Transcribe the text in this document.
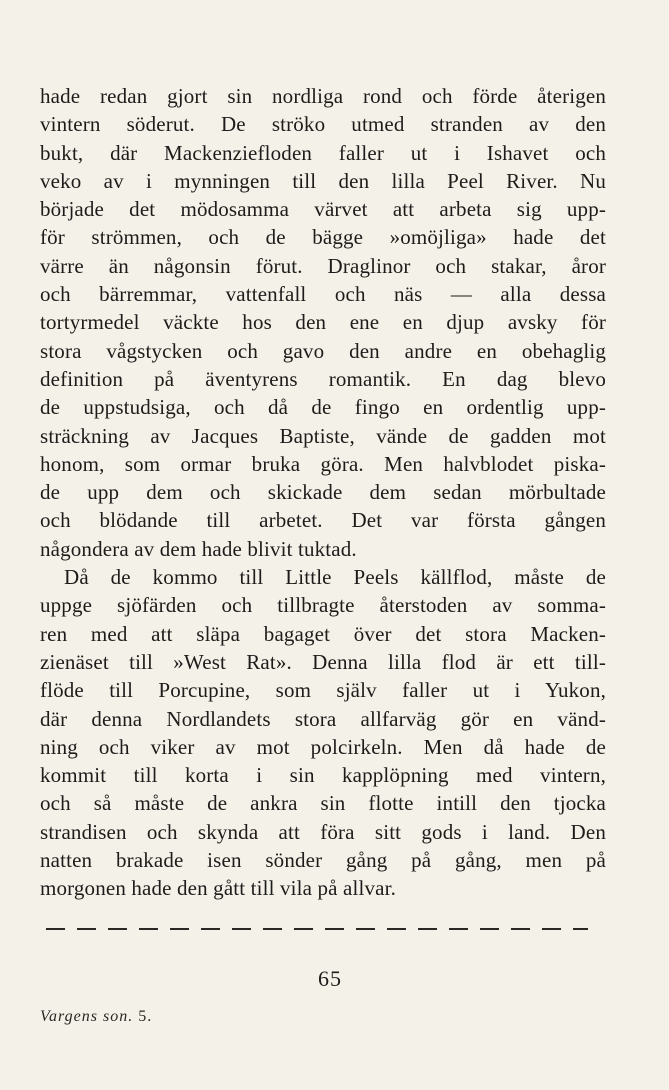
hade redan gjort sin nordliga rond och förde återigen
vintern söderut. De ströko utmed stranden av den
bukt, där Mackenziefloden faller ut i Ishavet och
veko av i mynningen till den lilla Peel River. Nu
började det mödosamma värvet att arbeta sig upp-
för strömmen, och de bägge »omöjliga» hade det
värre än någonsin förut. Draglinor och stakar, åror
och bärremmar, vattenfall och näs — alla dessa
tortyrmedel väckte hos den ene en djup avsky för
stora vågstycken och gavo den andre en obehaglig
definition på äventyrens romantik. En dag blevo
de uppstudsiga, och då de fingo en ordentlig upp-
sträckning av Jacques Baptiste, vände de gadden mot
honom, som ormar bruka göra. Men halvblodet piska-
de upp dem och skickade dem sedan mörbultade
och blödande till arbetet. Det var första gången
någondera av dem hade blivit tuktad.
Då de kommo till Little Peels källflod, måste de
uppge sjöfärden och tillbragte återstoden av somma-
ren med att släpa bagaget över det stora Macken-
zienäset till »West Rat». Denna lilla flod är ett till-
flöde till Porcupine, som själv faller ut i Yukon,
där denna Nordlandets stora allfarväg gör en vänd-
ning och viker av mot polcirkeln. Men då hade de
kommit till korta i sin kapplöpning med vintern,
och så måste de ankra sin flotte intill den tjocka
strandisen och skynda att föra sitt gods i land. Den
natten brakade isen sönder gång på gång, men på
morgonen hade den gått till vila på allvar.
65
Vargens son. 5.
